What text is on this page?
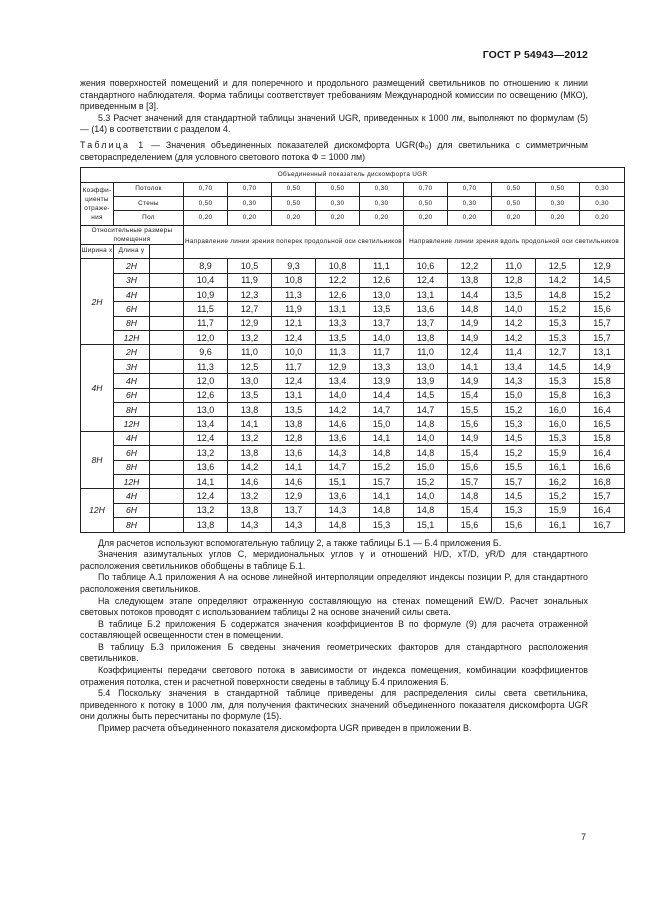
ГОСТ Р 54943—2012

жения поверхностей помещений и для поперечного и продольного размещений светильников по отношению к линии стандартного наблюдателя. Форма таблицы соответствует требованиям Международной комиссии по освещению (МКО), приведенным в [3].

5.3 Расчет значений для стандартной таблицы значений UGR, приведенных к 1000 лм, выполняют по формулам (5) — (14) в соответствии с разделом 4.

Таблица 1 — Значения объединенных показателей дискомфорта UGR(Ф₀) для светильника с симметричным светораспределением (для условного светового потока Ф = 1000 лм)

Объединенный показатель дискомфорта UGR												
Коэффи-циенты отраже-ния	Потолок		0,70	0,70	0,50	0,50	0,30	0,70	0,70	0,50	0,50	0,30
	Стены		0,50	0,30	0,50	0,30	0,30	0,50	0,30	0,50	0,30	0,30
	Пол		0,20	0,20	0,20	0,20	0,20	0,20	0,20	0,20	0,20	0,20
Относительные размеры помещения			Направление линии зрения поперек продольной оси светильников					Направление линии зрения вдоль продольной оси светильников				
Ширина x	Длина y											
2H	2H		8,9	10,5	9,3	10,8	11,1	10,6	12,2	11,0	12,5	12,9
	3H		10,4	11,9	10,8	12,2	12,6	12,4	13,8	12,8	14,2	14,5
	4H		10,9	12,3	11,3	12,6	13,0	13,1	14,4	13,5	14,8	15,2
	6H		11,5	12,7	11,9	13,1	13,5	13,6	14,8	14,0	15,2	15,6
	8H		11,7	12,9	12,1	13,3	13,7	13,7	14,9	14,2	15,3	15,7
	12H		12,0	13,2	12,4	13,5	14,0	13,8	14,9	14,2	15,3	15,7
4H	2H		9,6	11,0	10,0	11,3	11,7	11,0	12,4	11,4	12,7	13,1
	3H		11,3	12,5	11,7	12,9	13,3	13,0	14,1	13,4	14,5	14,9
	4H		12,0	13,0	12,4	13,4	13,9	13,9	14,9	14,3	15,3	15,8
	6H		12,6	13,5	13,1	14,0	14,4	14,5	15,4	15,0	15,8	16,3
	8H		13,0	13,8	13,5	14,2	14,7	14,7	15,5	15,2	16,0	16,4
	12H		13,4	14,1	13,8	14,6	15,0	14,8	15,6	15,3	16,0	16,5
8H	4H		12,4	13,2	12,8	13,6	14,1	14,0	14,9	14,5	15,3	15,8
	6H		13,2	13,8	13,6	14,3	14,8	14,8	15,4	15,2	15,9	16,4
	8H		13,6	14,2	14,1	14,7	15,2	15,0	15,6	15,5	16,1	16,6
	12H		14,1	14,6	14,6	15,1	15,7	15,2	15,7	15,7	16,2	16,8
12H	4H		12,4	13,2	12,9	13,6	14,1	14,0	14,8	14,5	15,2	15,7
	6H		13,2	13,8	13,7	14,3	14,8	14,8	15,4	15,3	15,9	16,4
	8H		13,8	14,3	14,3	14,8	15,3	15,1	15,6	15,6	16,1	16,7

Для расчетов используют вспомогательную таблицу 2, а также таблицы Б.1 — Б.4 приложения Б.

Значения азимутальных углов C, меридиональных углов γ и отношений H/D, xT/D, yR/D для стандартного расположения светильников обобщены в таблице Б.1.

По таблице А.1 приложения А на основе линейной интерполяции определяют индексы позиции P, для стандартного расположения светильников.

На следующем этапе определяют отраженную составляющую на стенах помещений EW/D. Расчет зональных световых потоков проводят с использованием таблицы 2 на основе значений силы света.

В таблице Б.2 приложения Б содержатся значения коэффициентов B по формуле (9) для расчета отраженной составляющей освещенности стен в помещении.

В таблицу Б.3 приложения Б сведены значения геометрических факторов для стандартного расположения светильников.

Коэффициенты передачи светового потока в зависимости от индекса помещения, комбинации коэффициентов отражения потолка, стен и расчетной поверхности сведены в таблицу Б.4 приложения Б.

5.4 Поскольку значения в стандартной таблице приведены для распределения силы света светильника, приведенного к потоку в 1000 лм, для получения фактических значений объединенного показателя дискомфорта UGR они должны быть пересчитаны по формуле (15).

Пример расчета объединенного показателя дискомфорта UGR приведен в приложении В.

7
